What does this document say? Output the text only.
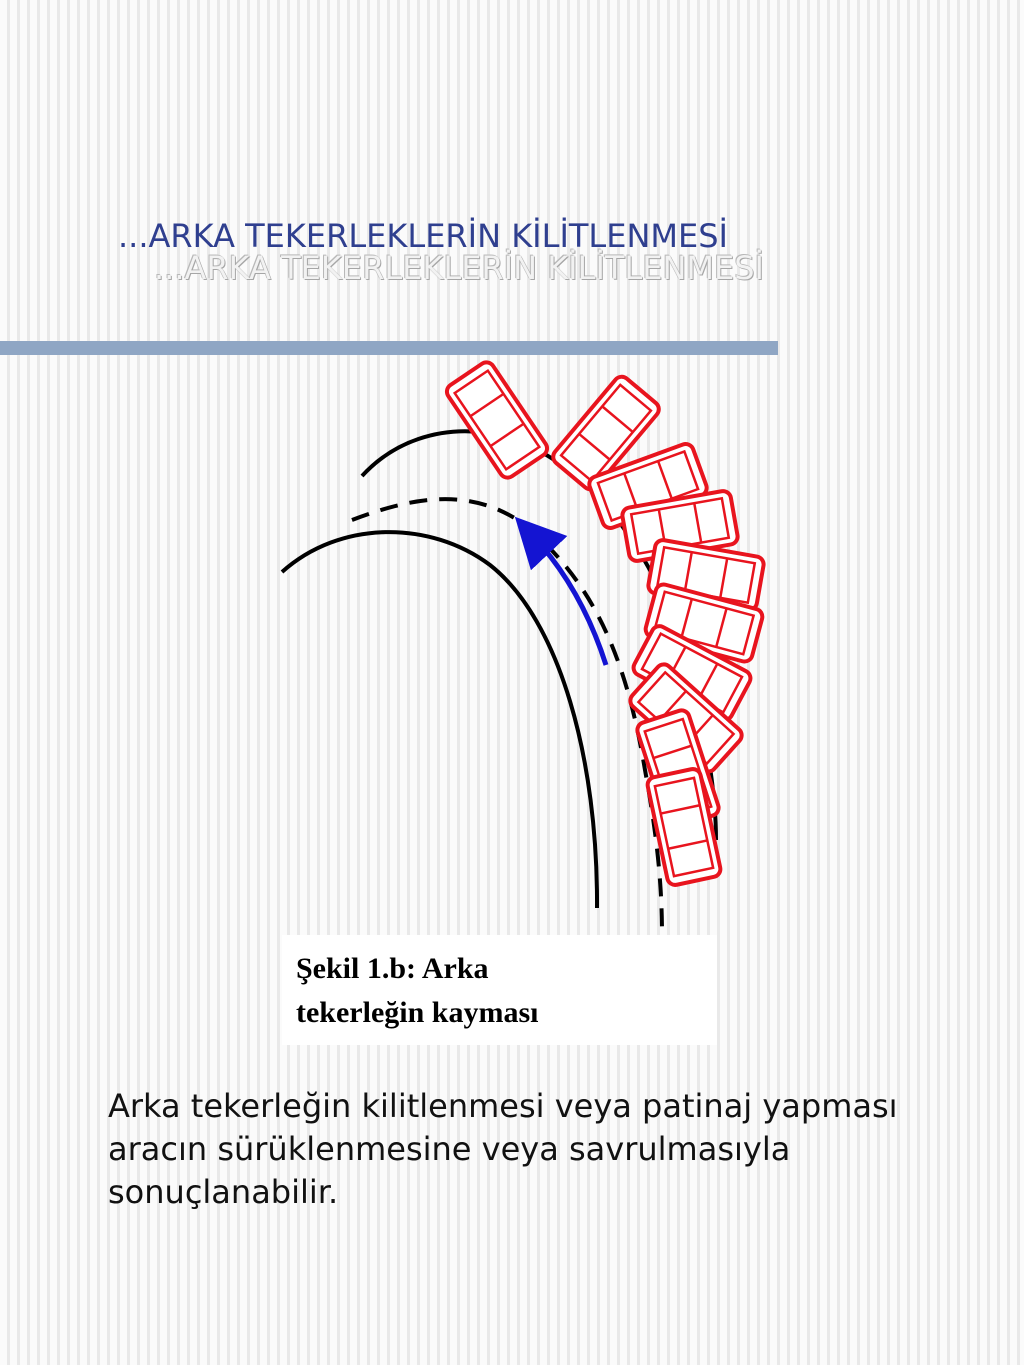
...ARKA TEKERLEKLERİN KİLİTLENMESİ
...ARKA TEKERLEKLERİN KİLİTLENMESİ
Şekil 1.b: Arka tekerleğin kayması

Arka tekerleğin kilitlenmesi veya patinaj yapması aracın sürüklenmesine veya savrulmasıyla sonuçlanabilir.
